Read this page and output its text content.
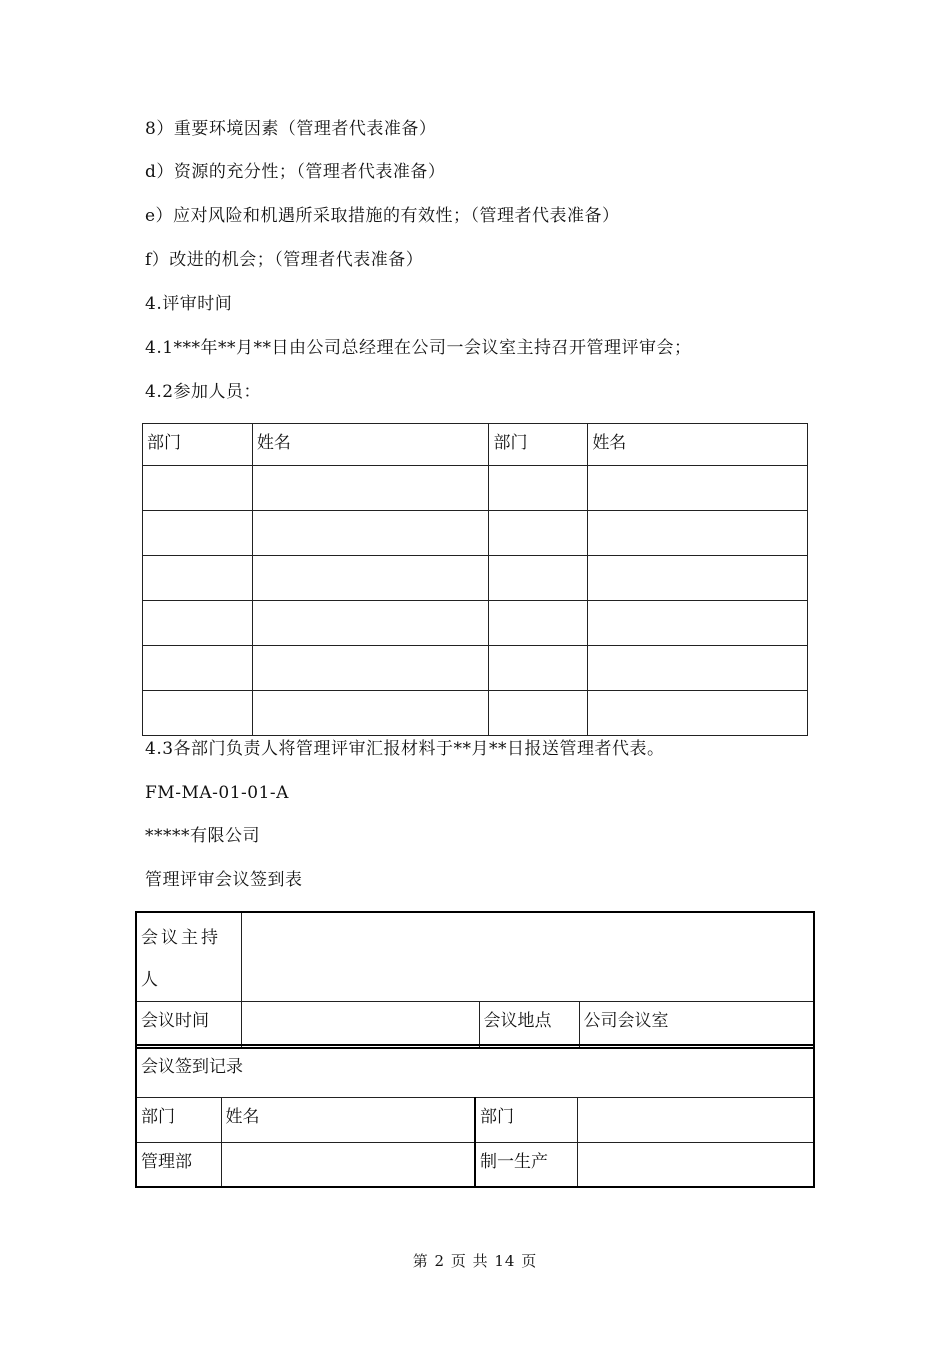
8）重要环境因素（管理者代表准备）
d）资源的充分性；（管理者代表准备）
e）应对风险和机遇所采取措施的有效性；（管理者代表准备）
f）改进的机会；（管理者代表准备）
4.评审时间
4.1***年**月**日由公司总经理在公司一会议室主持召开管理评审会；
4.2参加人员：
部门	姓名	部门	姓名

4.3各部门负责人将管理评审汇报材料于**月**日报送管理者代表。
FM-MA-01-01-A
*****有限公司
管理评审会议签到表
会议主持
人			
会议时间		会议地点	公司会议室
会议签到记录			
部门	姓名	部门	
管理部		制一生产	
第 2 页 共 14 页
